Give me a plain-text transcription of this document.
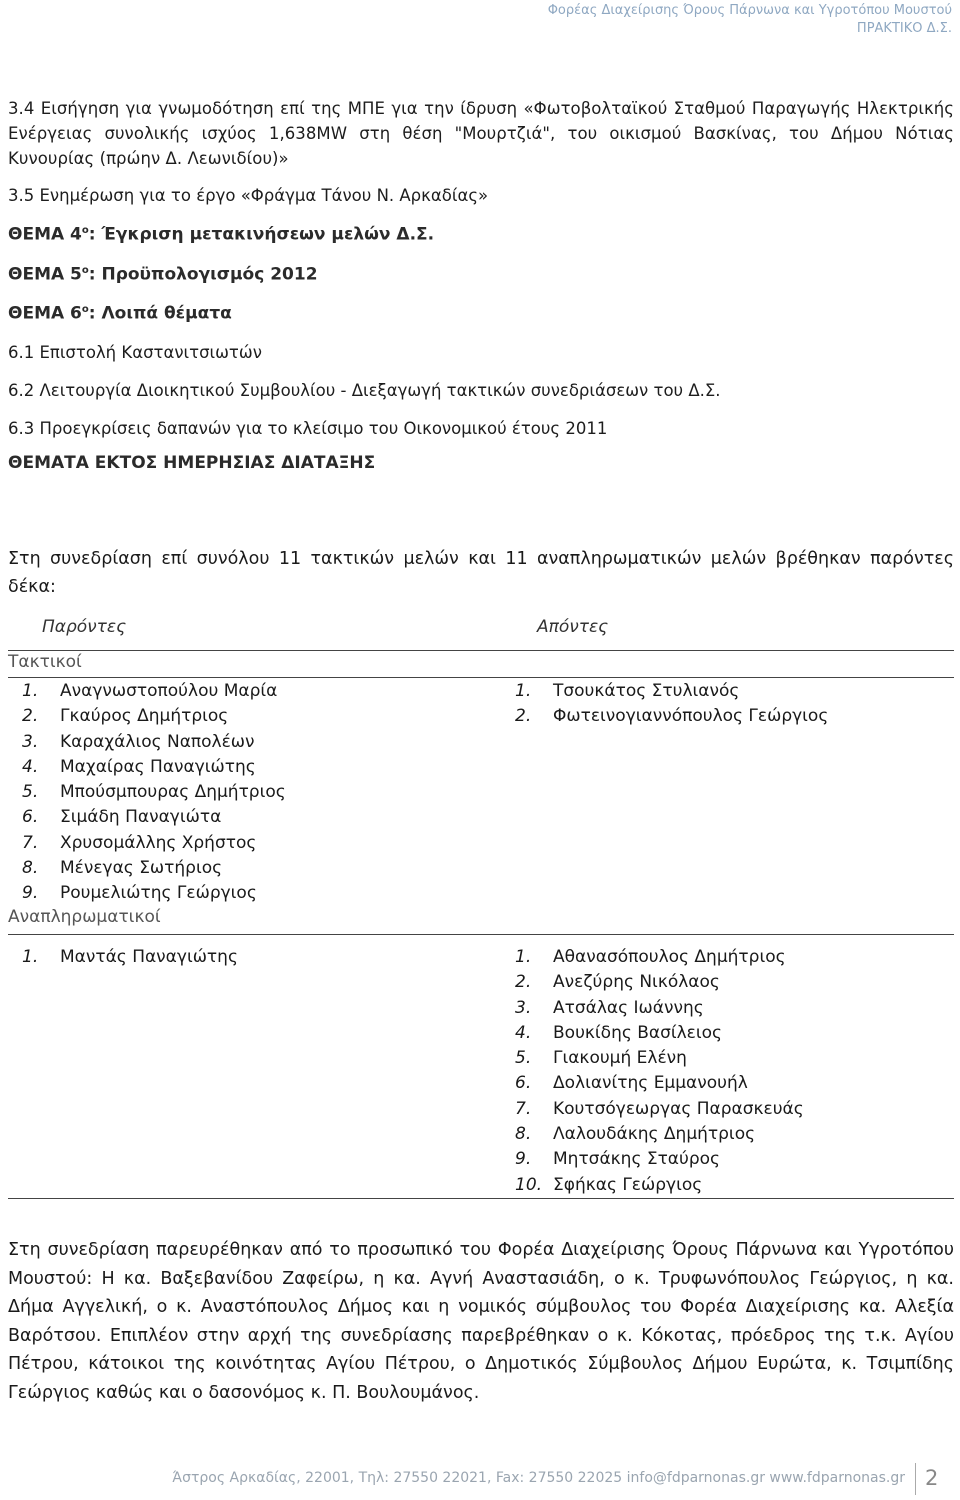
Φορέας Διαχείρισης Όρους Πάρνωνα και Υγροτόπου Μουστού
ΠΡΑΚΤΙΚΟ Δ.Σ.
3.4 Εισήγηση για γνωμοδότηση επί της ΜΠΕ για την ίδρυση «Φωτοβολταϊκού Σταθμού Παραγωγής Ηλεκτρικής Ενέργειας συνολικής ισχύος 1,638MW στη θέση "Μουρτζιά", του οικισμού Βασκίνας, του Δήμου Νότιας Κυνουρίας (πρώην Δ. Λεωνιδίου)»
3.5 Ενημέρωση για το έργο «Φράγμα Τάνου Ν. Αρκαδίας»
ΘΕΜΑ $4^o$: Έγκριση μετακινήσεων μελών Δ.Σ.
ΘΕΜΑ $5^o$: Προϋπολογισμός 2012
ΘΕΜΑ $6^o$: Λοιπά θέματα
6.1 Επιστολή Καστανιτσιωτών
6.2 Λειτουργία Διοικητικού Συμβουλίου - Διεξαγωγή τακτικών συνεδριάσεων του Δ.Σ.
6.3 Προεγκρίσεις δαπανών για το κλείσιμο του Οικονομικού έτους 2011
ΘΕΜΑΤΑ ΕΚΤΟΣ ΗΜΕΡΗΣΙΑΣ ΔΙΑΤΑΞΗΣ
Στη συνεδρίαση επί συνόλου 11 τακτικών μελών και 11 αναπληρωματικών μελών βρέθηκαν παρόντες δέκα:
Παρόντες	Απόντες
Τακτικοί
1. Αναγνωστοπούλου Μαρία
2. Γκαύρος Δημήτριος
3. Καραχάλιος Ναπολέων
4. Μαχαίρας Παναγιώτης
5. Μπούσμπουρας Δημήτριος
6. Σιμάδη Παναγιώτα
7. Χρυσομάλλης Χρήστος
8. Μένεγας Σωτήριος
9. Ρουμελιώτης Γεώργιος
1. Τσουκάτος Στυλιανός
2. Φωτεινογιαννόπουλος Γεώργιος
Αναπληρωματικοί
1. Μαντάς Παναγιώτης	1. Αθανασόπουλος Δημήτριος
2. Ανεζύρης Νικόλαος
3. Ατσάλας Ιωάννης
4. Βουκίδης Βασίλειος
5. Γιακουμή Ελένη
6. Δολιανίτης Εμμανουήλ
7. Κουτσόγεωργας Παρασκευάς
8. Λαλουδάκης Δημήτριος
9. Μητσάκης Σταύρος
10. Σφήκας Γεώργιος
Στη συνεδρίαση παρευρέθηκαν από το προσωπικό του Φορέα Διαχείρισης Όρους Πάρνωνα και Υγροτόπου Μουστού: Η κα. Βαξεβανίδου Ζαφείρω, η κα. Αγνή Αναστασιάδη, ο κ. Τρυφωνόπουλος Γεώργιος, η κα. Δήμα Αγγελική, ο κ. Αναστόπουλος Δήμος και η νομικός σύμβουλος του Φορέα Διαχείρισης κα. Αλεξία Βαρότσου. Επιπλέον στην αρχή της συνεδρίασης παρεβρέθηκαν ο κ. Κόκοτας, πρόεδρος της τ.κ. Αγίου Πέτρου, κάτοικοι της κοινότητας Αγίου Πέτρου, ο Δημοτικός Σύμβουλος Δήμου Ευρώτα, κ. Τσιμπίδης Γεώργιος καθώς και ο δασονόμος κ. Π. Βουλουμάνος.
Άστρος Αρκαδίας, 22001, Τηλ: 27550 22021, Fax: 27550 22025 info@fdparnonas.gr www.fdparnonas.gr 2
